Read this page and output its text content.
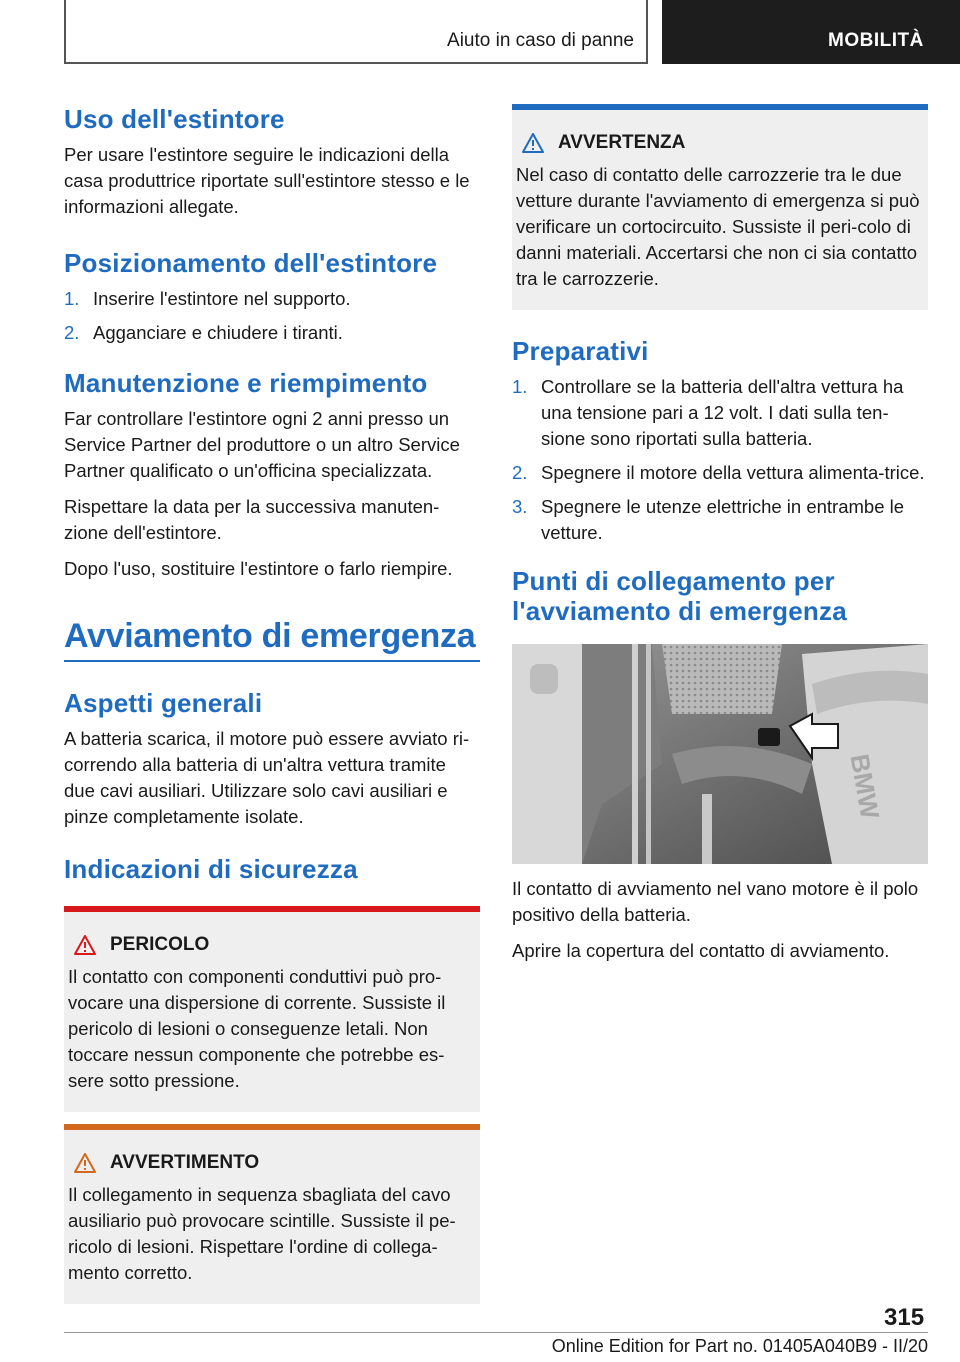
Aiuto in caso di panne	MOBILITÀ
Uso dell'estintore

Per usare l'estintore seguire le indicazioni della casa produttrice riportate sull'estintore stesso e le informazioni allegate.

Posizionamento dell'estintore
1. Inserire l'estintore nel supporto.
2. Agganciare e chiudere i tiranti.
Manutenzione e riempimento

Far controllare l'estintore ogni 2 anni presso un Service Partner del produttore o un altro Service Partner qualificato o un'officina specializzata.

Rispettare la data per la successiva manuten‐zione dell'estintore.

Dopo l'uso, sostituire l'estintore o farlo riempire.

Avviamento di emergenza
Aspetti generali

A batteria scarica, il motore può essere avviato ri‐correndo alla batteria di un'altra vettura tramite due cavi ausiliari. Utilizzare solo cavi ausiliari e pinze completamente isolate.

Indicazioni di sicurezza
PERICOLO

Il contatto con componenti conduttivi può pro‐vocare una dispersione di corrente. Sussiste il pericolo di lesioni o conseguenze letali. Non toccare nessun componente che potrebbe es‐sere sotto pressione.

AVVERTIMENTO

Il collegamento in sequenza sbagliata del cavo ausiliario può provocare scintille. Sussiste il pe‐ricolo di lesioni. Rispettare l'ordine di collega‐mento corretto.

AVVERTENZA

Nel caso di contatto delle carrozzerie tra le due vetture durante l'avviamento di emergenza si può verificare un cortocircuito. Sussiste il peri‐colo di danni materiali. Accertarsi che non ci sia contatto tra le carrozzerie.

Preparativi
1. Controllare se la batteria dell'altra vettura ha una tensione pari a 12 volt. I dati sulla ten‐sione sono riportati sulla batteria.
2. Spegnere il motore della vettura alimenta‐trice.
3. Spegnere le utenze elettriche in entrambe le vetture.
Punti di collegamento per l'avviamento di emergenza
BMW

Il contatto di avviamento nel vano motore è il polo positivo della batteria.

Aprire la copertura del contatto di avviamento.

315
Online Edition for Part no. 01405A040B9 - II/20
